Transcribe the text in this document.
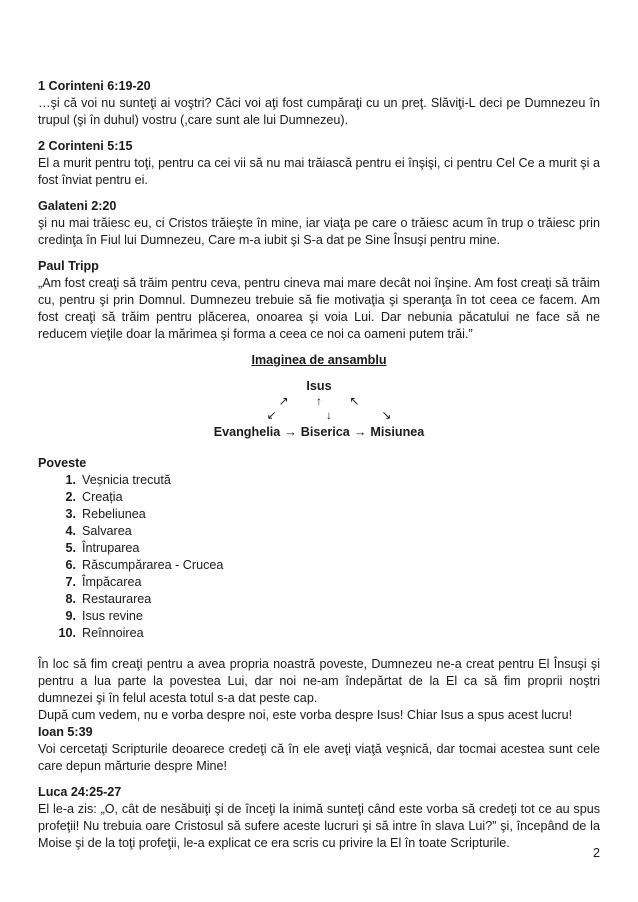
1 Corinteni 6:19-20

…şi că voi nu sunteţi ai voştri? Căci voi aţi fost cumpăraţi cu un preţ. Slăviţi-L deci pe Dumnezeu în trupul (şi în duhul) vostru (,care sunt ale lui Dumnezeu).

2 Corinteni 5:15

El a murit pentru toţi, pentru ca cei vii să nu mai trăiască pentru ei înşişi, ci pentru Cel Ce a murit şi a fost înviat pentru ei.

Galateni 2:20

şi nu mai trăiesc eu, ci Cristos trăieşte în mine, iar viaţa pe care o trăiesc acum în trup o trăiesc prin credinţa în Fiul lui Dumnezeu, Care m-a iubit şi S-a dat pe Sine Însuşi pentru mine.

Paul Tripp

„Am fost creaţi să trăim pentru ceva, pentru cineva mai mare decât noi înşine. Am fost creaţi să trăim cu, pentru şi prin Domnul. Dumnezeu trebuie să fie motivaţia şi speranţa în tot ceea ce facem. Am fost creaţi să trăim pentru plăcerea, onoarea şi voia Lui. Dar nebunia păcatului ne face să ne reducem vieţile doar la mărimea şi forma a ceea ce noi ca oameni putem trăi.”

Imaginea de ansamblu

Isus
↗ ↑ ↖
↙	↓	↘

Evanghelia → Biserica → Misiunea

Poveste

1. Veșnicia trecută
2. Creația
3. Rebeliunea
4. Salvarea
5. Întruparea
6. Răscumpărarea - Crucea
7. Împăcarea
8. Restaurarea
9. Isus revine
10. Reînnoirea

În loc să fim creaţi pentru a avea propria noastră poveste, Dumnezeu ne-a creat pentru El Însuşi şi pentru a lua parte la povestea Lui, dar noi ne-am îndepărtat de la El ca să fim proprii noştri dumnezei şi în felul acesta totul s-a dat peste cap.

După cum vedem, nu e vorba despre noi, este vorba despre Isus! Chiar Isus a spus acest lucru!

Ioan 5:39

Voi cercetaţi Scripturile deoarece credeţi că în ele aveţi viaţă veşnică, dar tocmai acestea sunt cele care depun mărturie despre Mine!

Luca 24:25-27

El le-a zis: „O, cât de nesăbuiţi şi de înceţi la inimă sunteţi când este vorba să credeţi tot ce au spus profeţii! Nu trebuia oare Cristosul să sufere aceste lucruri şi să intre în slava Lui?” şi, începând de la Moise şi de la toţi profeţii, le-a explicat ce era scris cu privire la El în toate Scripturile.

2
